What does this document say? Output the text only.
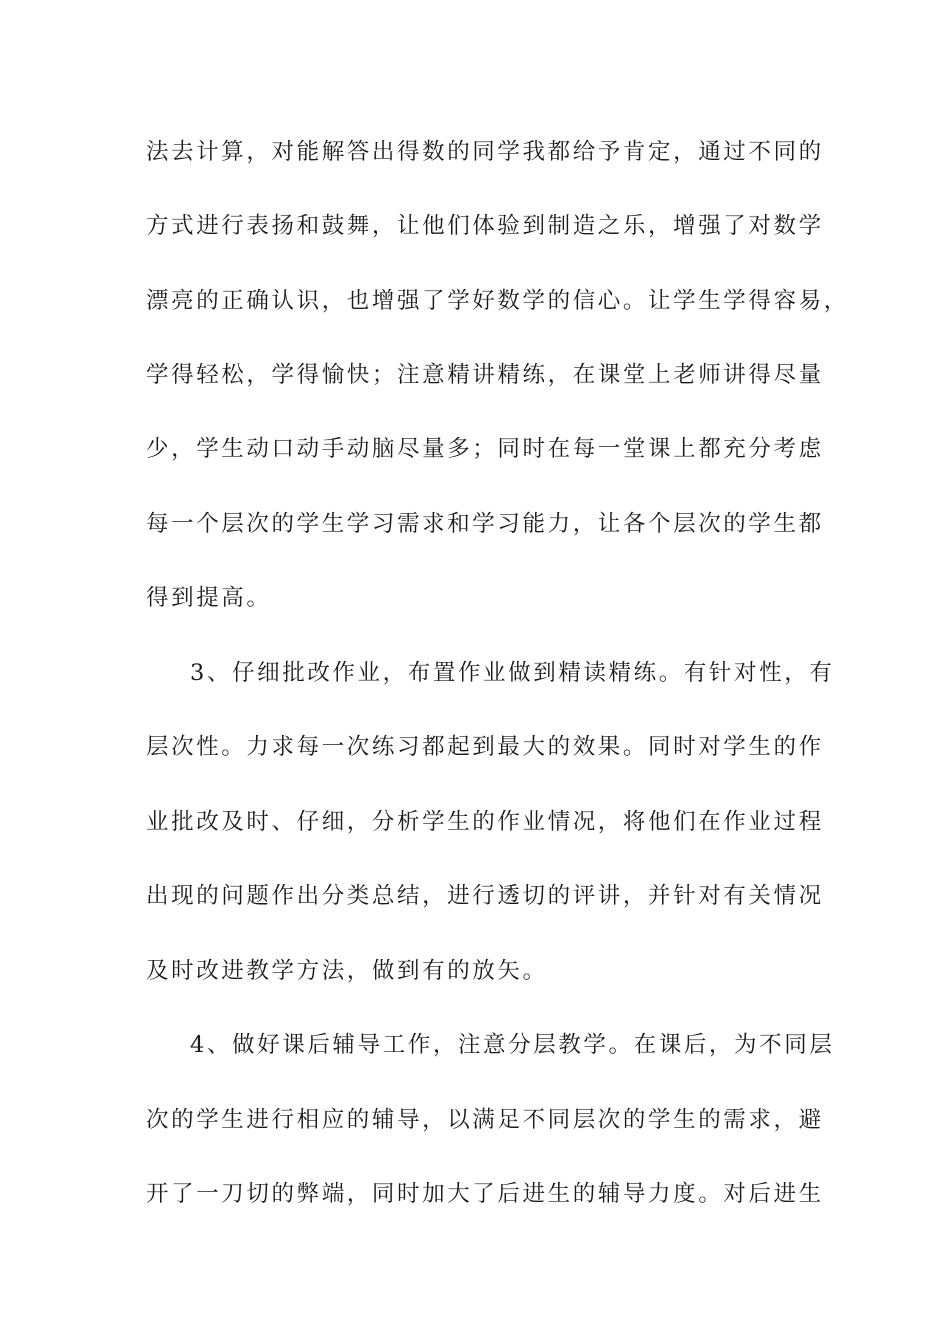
法去计算，对能解答出得数的同学我都给予肯定，通过不同的
方式进行表扬和鼓舞，让他们体验到制造之乐，增强了对数学
漂亮的正确认识，也增强了学好数学的信心。让学生学得容易，
学得轻松，学得愉快；注意精讲精练，在课堂上老师讲得尽量
少，学生动口动手动脑尽量多；同时在每一堂课上都充分考虑
每一个层次的学生学习需求和学习能力，让各个层次的学生都
得到提高。
3、仔细批改作业，布置作业做到精读精练。有针对性，有
层次性。力求每一次练习都起到最大的效果。同时对学生的作
业批改及时、仔细，分析学生的作业情况，将他们在作业过程
出现的问题作出分类总结，进行透切的评讲，并针对有关情况
及时改进教学方法，做到有的放矢。
4、做好课后辅导工作，注意分层教学。在课后，为不同层
次的学生进行相应的辅导，以满足不同层次的学生的需求，避
开了一刀切的弊端，同时加大了后进生的辅导力度。对后进生
